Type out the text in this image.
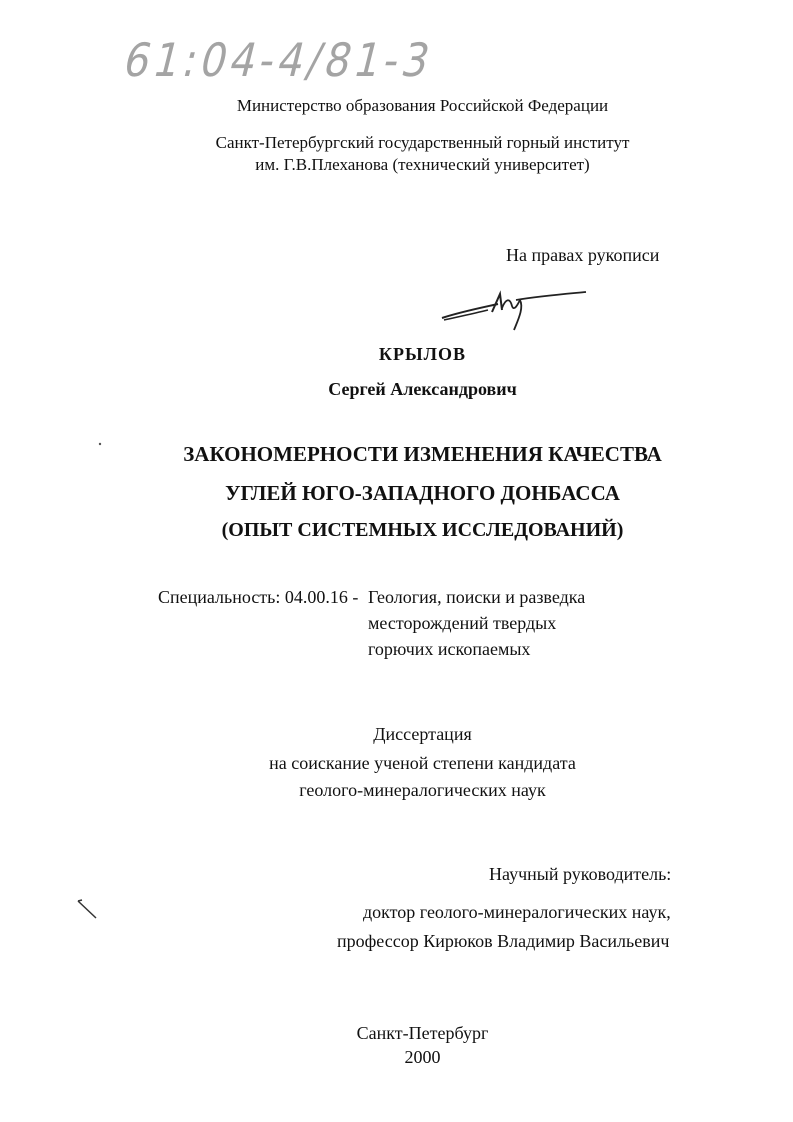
61:04-4/81-3
Министерство образования Российской Федерации
Санкт-Петербургский государственный горный институт
им. Г.В.Плеханова (технический университет)
На правах рукописи
КРЫЛОВ
Сергей Александрович
ЗАКОНОМЕРНОСТИ ИЗМЕНЕНИЯ КАЧЕСТВА
УГЛЕЙ ЮГО-ЗАПАДНОГО ДОНБАССА
(ОПЫТ СИСТЕМНЫХ ИССЛЕДОВАНИЙ)
Специальность: 04.00.16 - Геология, поиски и разведка
месторождений твердых
горючих ископаемых
Диссертация
на соискание ученой степени кандидата
геолого-минералогических наук
Научный руководитель:
доктор геолого-минералогических наук,
профессор Кирюков Владимир Васильевич
Санкт-Петербург
2000
